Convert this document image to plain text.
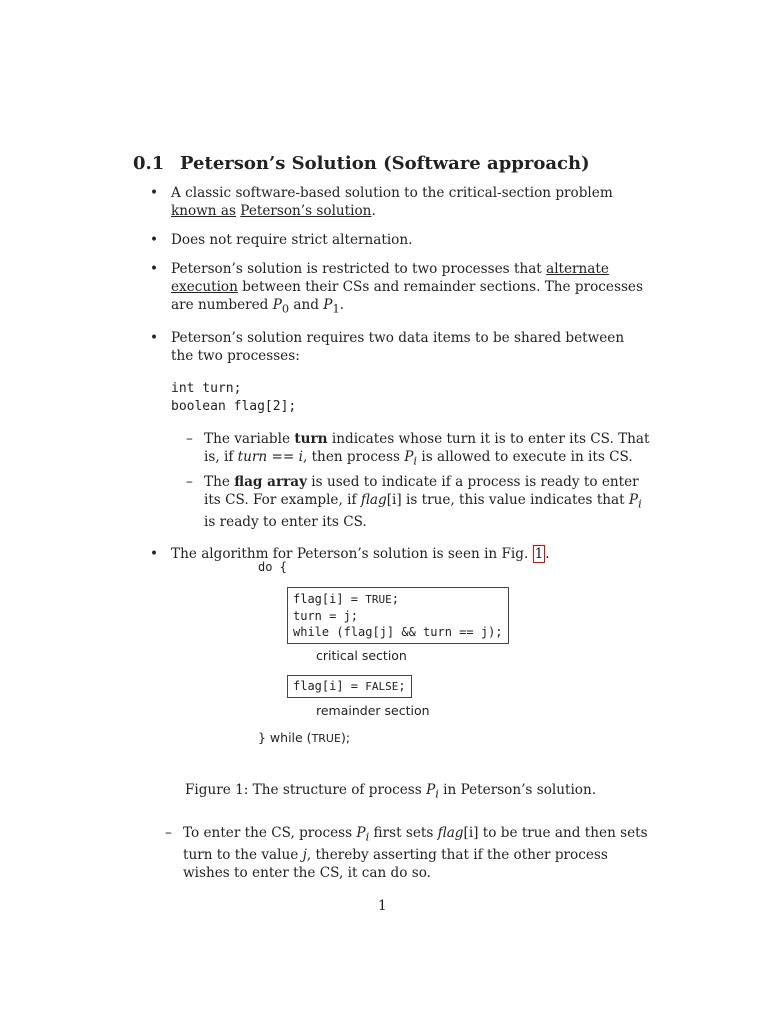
0.1 Peterson’s Solution (Software approach)
• A classic software-based solution to the critical-section problem known as Peterson’s solution.
• Does not require strict alternation.
• Peterson’s solution is restricted to two processes that alternate execution between their CSs and remainder sections. The processes are numbered $P_0$ and $P_1$.
• Peterson’s solution requires two data items to be shared between the two processes:
int turn;
boolean flag[2];
– The variable turn indicates whose turn it is to enter its CS. That is, if turn == i, then process $P_i$ is allowed to execute in its CS.
– The flag array is used to indicate if a process is ready to enter its CS. For example, if flag[i] is true, this value indicates that $P_i$ is ready to enter its CS.
• The algorithm for Peterson’s solution is seen in Fig. 1 .
do {
flag[i] = TRUE;
turn = j;
while (flag[j] && turn == j);
critical section
flag[i] = FALSE;
remainder section
} while (TRUE);
Figure 1: The structure of process $P_i$ in Peterson’s solution.
– To enter the CS, process $P_i$ first sets flag[i] to be true and then sets turn to the value j, thereby asserting that if the other process wishes to enter the CS, it can do so.
1
